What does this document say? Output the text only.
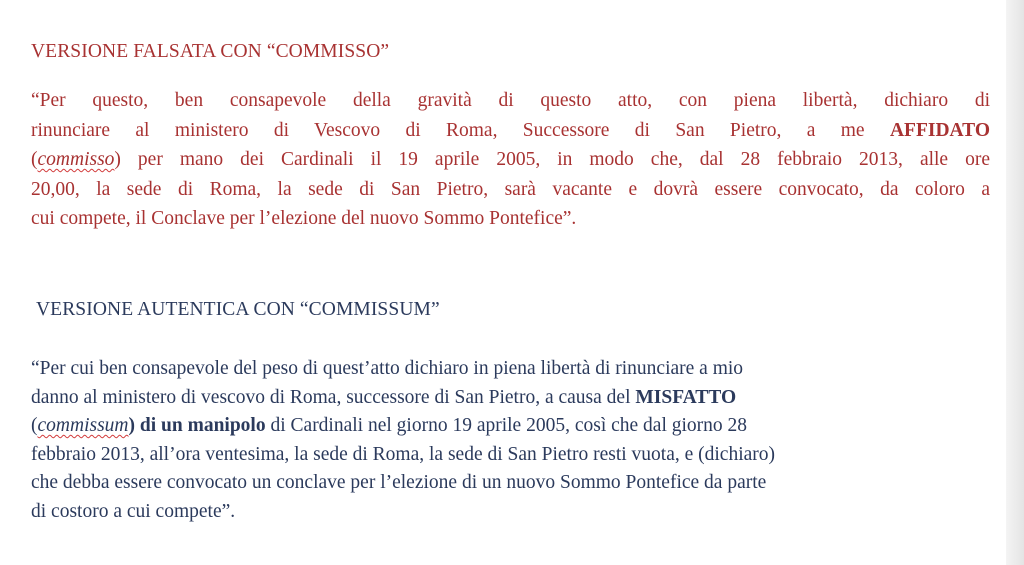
VERSIONE FALSATA CON “COMMISSO”
“Per questo, ben consapevole della gravità di questo atto, con piena libertà, dichiaro di
rinunciare al ministero di Vescovo di Roma, Successore di San Pietro, a me AFFIDATO
(commisso) per mano dei Cardinali il 19 aprile 2005, in modo che, dal 28 febbraio 2013, alle ore
20,00, la sede di Roma, la sede di San Pietro, sarà vacante e dovrà essere convocato, da coloro a
cui compete, il Conclave per l’elezione del nuovo Sommo Pontefice”.
VERSIONE AUTENTICA CON “COMMISSUM”
“Per cui ben consapevole del peso di quest’atto dichiaro in piena libertà di rinunciare a mio
danno al ministero di vescovo di Roma, successore di San Pietro, a causa del MISFATTO
(commissum) di un manipolo di Cardinali nel giorno 19 aprile 2005, così che dal giorno 28
febbraio 2013, all’ora ventesima, la sede di Roma, la sede di San Pietro resti vuota, e (dichiaro)
che debba essere convocato un conclave per l’elezione di un nuovo Sommo Pontefice da parte
di costoro a cui compete”.
